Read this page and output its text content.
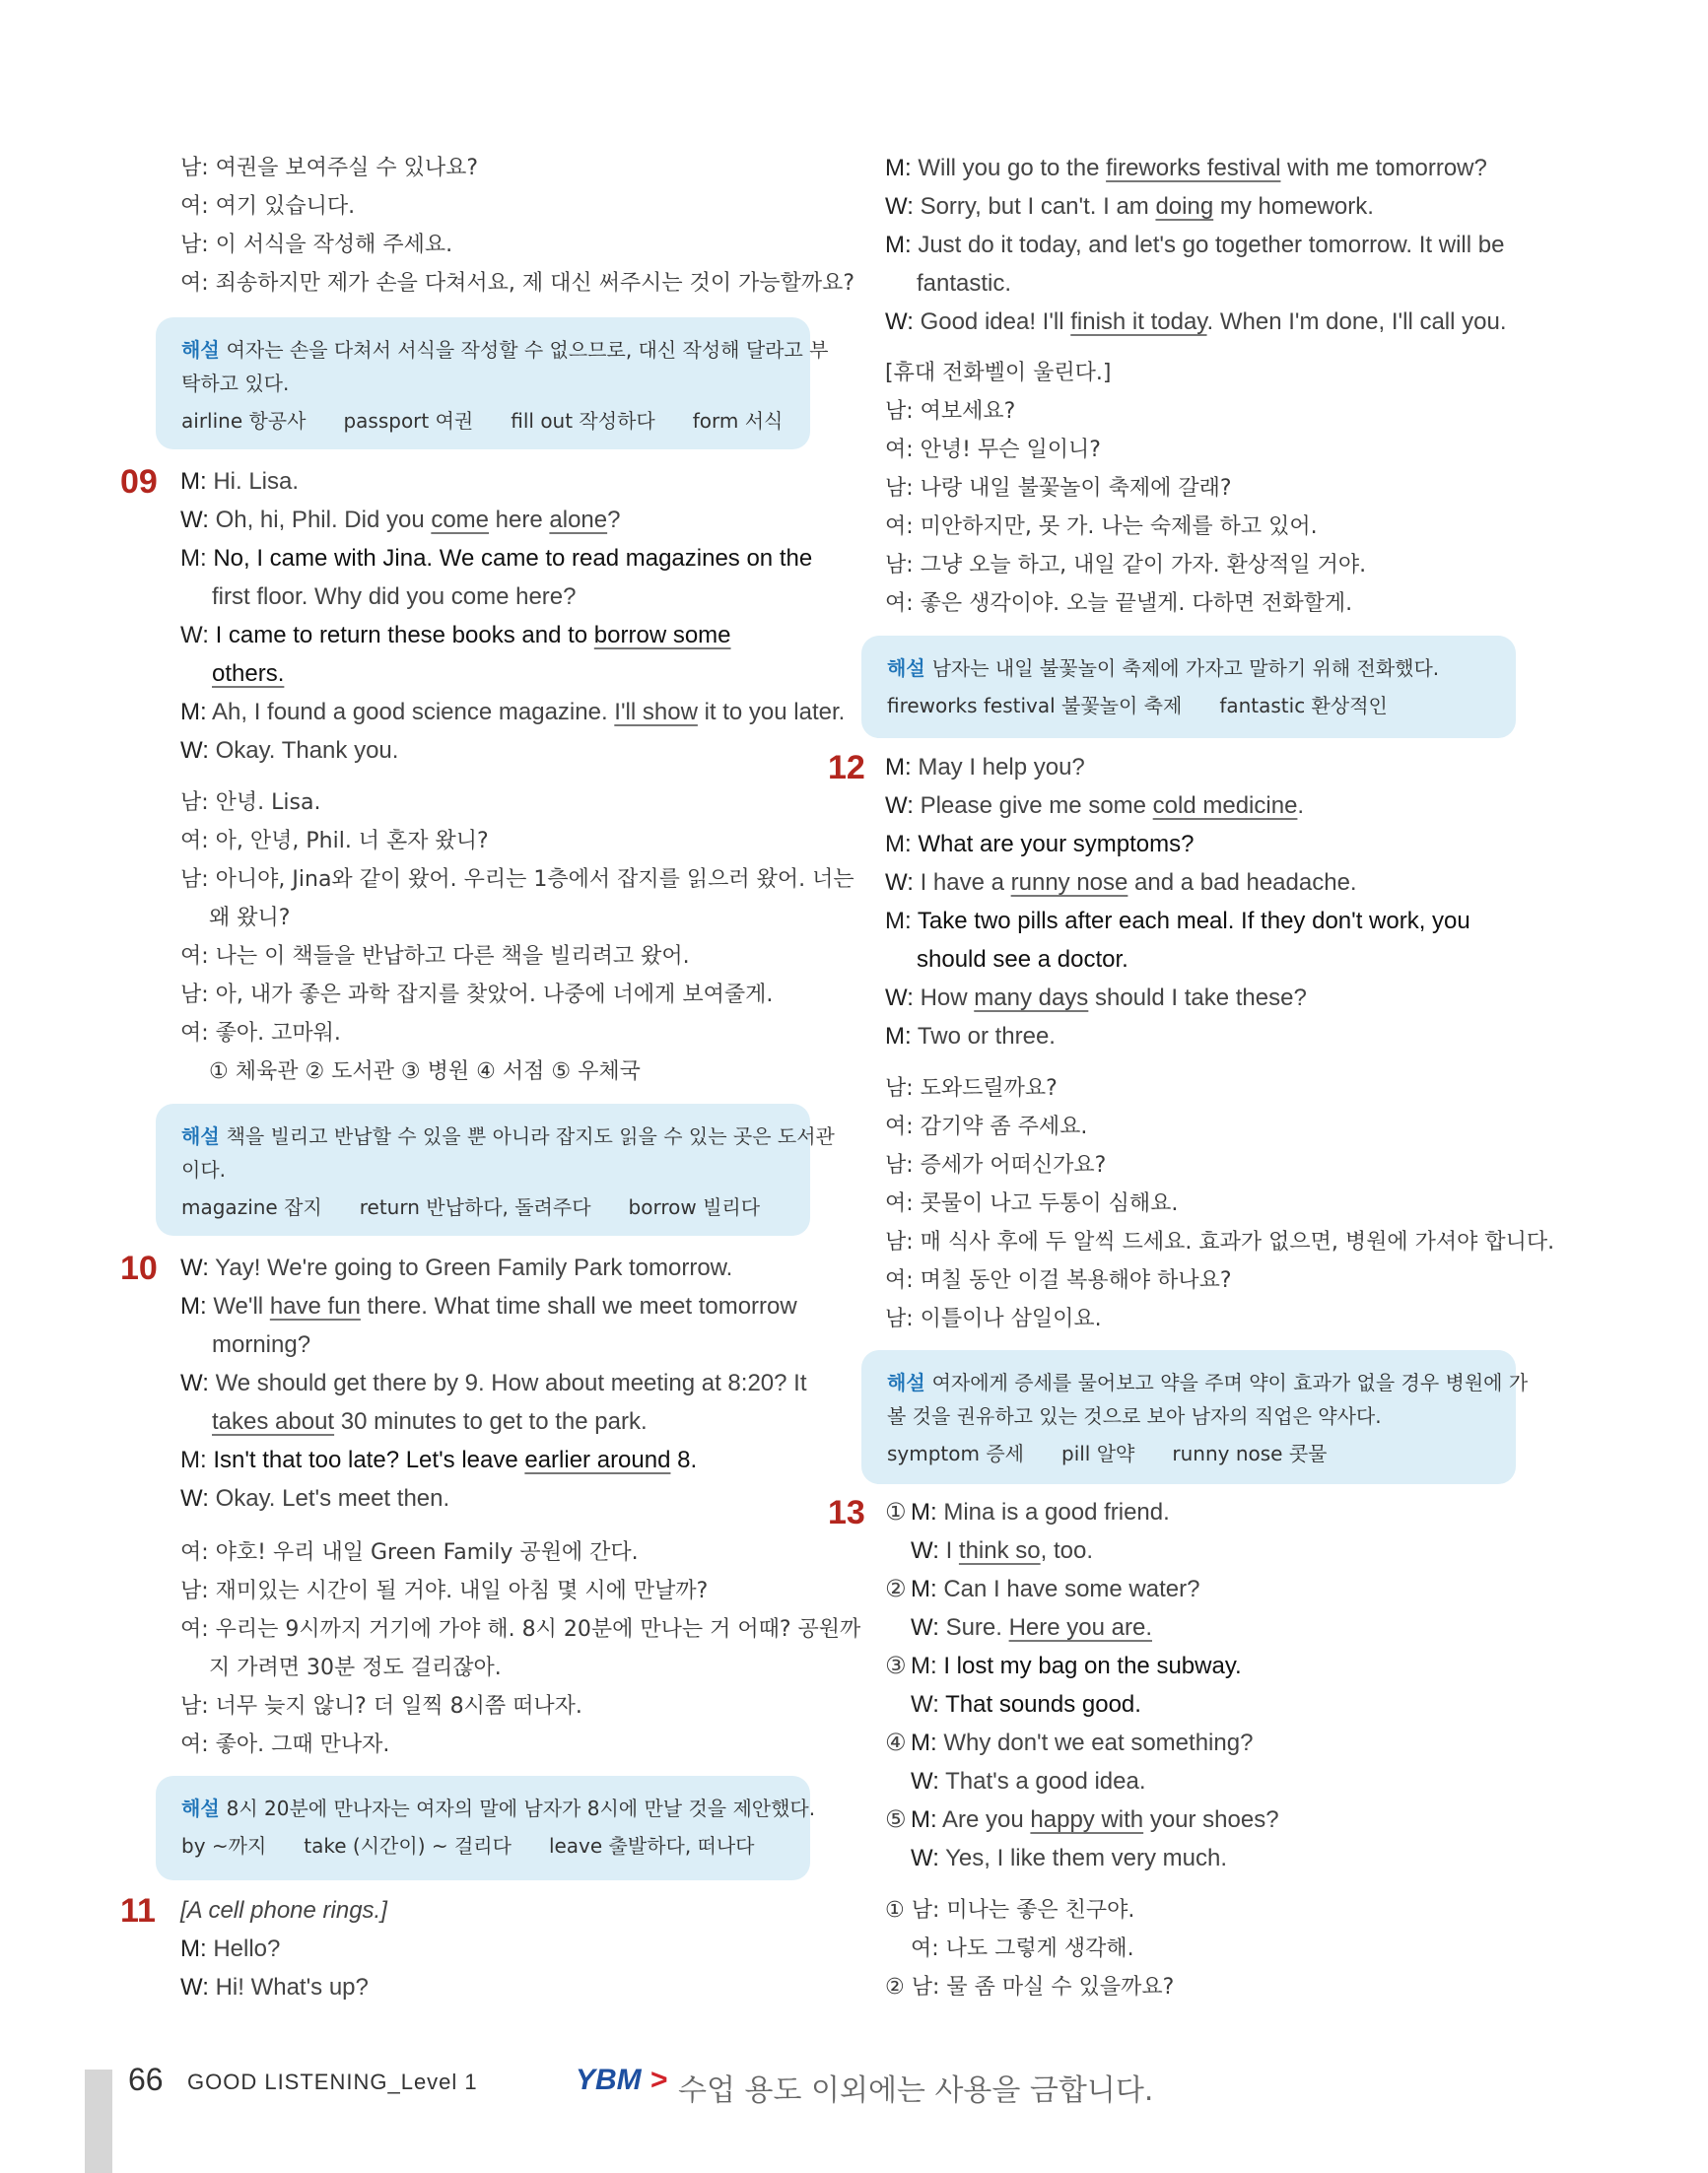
남: 여권을 보여주실 수 있나요?
여: 여기 있습니다.
남: 이 서식을 작성해 주세요.
여: 죄송하지만 제가 손을 다쳐서요, 제 대신 써주시는 것이 가능할까요?
해설 여자는 손을 다쳐서 서식을 작성할 수 없으므로, 대신 작성해 달라고 부
탁하고 있다.
airline 항공사 passport 여권 fill out 작성하다 form 서식
09 M: Hi. Lisa.
W: Oh, hi, Phil. Did you come here alone?
M: No, I came with Jina. We came to read magazines on the
first floor. Why did you come here?
W: I came to return these books and to borrow some
others.
M: Ah, I found a good science magazine. I'll show it to you later.
W: Okay. Thank you.
남: 안녕. Lisa.
여: 아, 안녕, Phil. 너 혼자 왔니?
남: 아니야, Jina와 같이 왔어. 우리는 1층에서 잡지를 읽으러 왔어. 너는
왜 왔니?
여: 나는 이 책들을 반납하고 다른 책을 빌리려고 왔어.
남: 아, 내가 좋은 과학 잡지를 찾았어. 나중에 너에게 보여줄게.
여: 좋아. 고마워.
① 체육관 ② 도서관 ③ 병원 ④ 서점 ⑤ 우체국
해설 책을 빌리고 반납할 수 있을 뿐 아니라 잡지도 읽을 수 있는 곳은 도서관
이다.
magazine 잡지 return 반납하다, 돌려주다 borrow 빌리다
10 W: Yay! We're going to Green Family Park tomorrow.
M: We'll have fun there. What time shall we meet tomorrow
morning?
W: We should get there by 9. How about meeting at 8:20? It
takes about 30 minutes to get to the park.
M: Isn't that too late? Let's leave earlier around 8.
W: Okay. Let's meet then.
여: 야호! 우리 내일 Green Family 공원에 간다.
남: 재미있는 시간이 될 거야. 내일 아침 몇 시에 만날까?
여: 우리는 9시까지 거기에 가야 해. 8시 20분에 만나는 거 어때? 공원까
지 가려면 30분 정도 걸리잖아.
남: 너무 늦지 않니? 더 일찍 8시쯤 떠나자.
여: 좋아. 그때 만나자.
해설 8시 20분에 만나자는 여자의 말에 남자가 8시에 만날 것을 제안했다.
by ~까지 take (시간이) ~ 걸리다 leave 출발하다, 떠나다
11 [A cell phone rings.]
M: Hello?
W: Hi! What's up?
M: Will you go to the fireworks festival with me tomorrow?
W: Sorry, but I can't. I am doing my homework.
M: Just do it today, and let's go together tomorrow. It will be
fantastic.
W: Good idea! I'll finish it today. When I'm done, I'll call you.
[휴대 전화벨이 울린다.]
남: 여보세요?
여: 안녕! 무슨 일이니?
남: 나랑 내일 불꽃놀이 축제에 갈래?
여: 미안하지만, 못 가. 나는 숙제를 하고 있어.
남: 그냥 오늘 하고, 내일 같이 가자. 환상적일 거야.
여: 좋은 생각이야. 오늘 끝낼게. 다하면 전화할게.
해설 남자는 내일 불꽃놀이 축제에 가자고 말하기 위해 전화했다.
fireworks festival 불꽃놀이 축제 fantastic 환상적인
12 M: May I help you?
W: Please give me some cold medicine.
M: What are your symptoms?
W: I have a runny nose and a bad headache.
M: Take two pills after each meal. If they don't work, you
should see a doctor.
W: How many days should I take these?
M: Two or three.
남: 도와드릴까요?
여: 감기약 좀 주세요.
남: 증세가 어떠신가요?
여: 콧물이 나고 두통이 심해요.
남: 매 식사 후에 두 알씩 드세요. 효과가 없으면, 병원에 가셔야 합니다.
여: 며칠 동안 이걸 복용해야 하나요?
남: 이틀이나 삼일이요.
해설 여자에게 증세를 물어보고 약을 주며 약이 효과가 없을 경우 병원에 가
볼 것을 권유하고 있는 것으로 보아 남자의 직업은 약사다.
symptom 증세 pill 알약 runny nose 콧물
13 ① M: Mina is a good friend.
W: I think so, too.
② M: Can I have some water?
W: Sure. Here you are.
③ M: I lost my bag on the subway.
W: That sounds good.
④ M: Why don't we eat something?
W: That's a good idea.
⑤ M: Are you happy with your shoes?
W: Yes, I like them very much.
① 남: 미나는 좋은 친구야.
여: 나도 그렇게 생각해.
② 남: 물 좀 마실 수 있을까요?
66 GOOD LISTENING_Level 1	YBM > 수업 용도 이외에는 사용을 금합니다.
